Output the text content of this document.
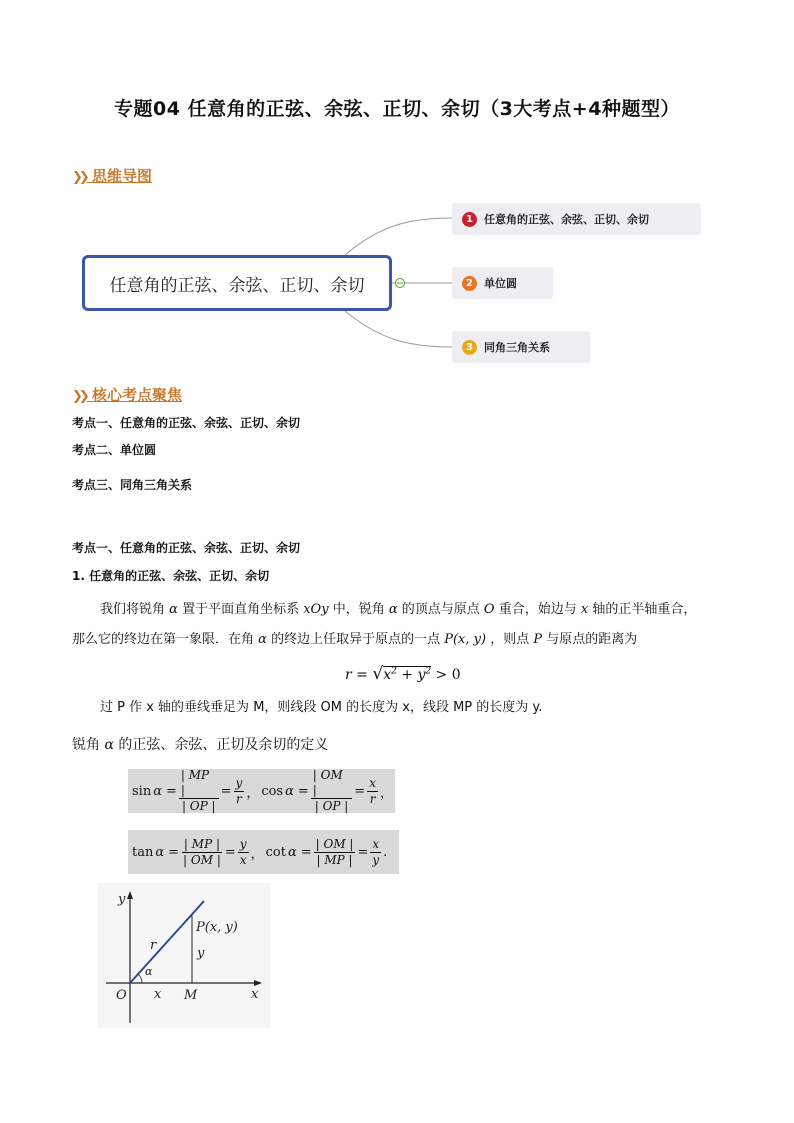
专题04 任意角的正弦、余弦、正切、余切（3大考点+4种题型）
❯❯ 思维导图
任意角的正弦、余弦、正切、余切
1	任意角的正弦、余弦、正切、余切
2	单位圆
3	同角三角关系
❯❯ 核心考点聚焦
考点一、任意角的正弦、余弦、正切、余切
考点二、单位圆
考点三、同角三角关系
考点一、任意角的正弦、余弦、正切、余切
1. 任意角的正弦、余弦、正切、余切
我们将锐角 α 置于平面直角坐标系 xOy 中，锐角 α 的顶点与原点 O 重合，始边与 x 轴的正半轴重合，
那么它的终边在第一象限．在角 α 的终边上任取异于原点的一点 P(x, y) ，则点 P 与原点的距离为
$r = √x^2 + y^2 > 0$
过 P 作 x 轴的垂线垂足为 M，则线段 OM 的长度为 x，线段 MP 的长度为 y.
锐角 α 的正弦、余弦、正切及余切的定义
$\sin \alpha = \frac{| MP |}{| OP |} = \frac{y}{r}$ ， $\cos \alpha = \frac{| OM |}{| OP |} = \frac{x}{r}$ ，
$\tan \alpha = \frac{| MP |}{| OM |} = \frac{y}{x}$ ， $\cot \alpha = \frac{| OM |}{| MP |} = \frac{x}{y}$ .
y
x
O	M
P(x, y)
r
α
x
y
